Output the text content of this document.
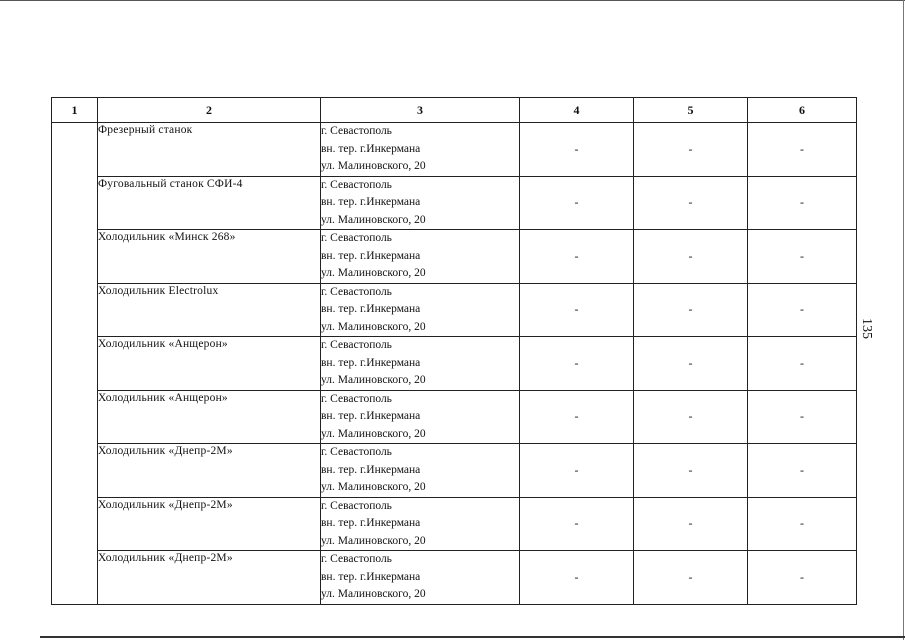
1	2	3	4	5	6
	Фрезерный станок	г. Севастополь
вн. тер. г.Инкермана
ул. Малиновского, 20	-	-	-
	Фуговальный станок СФИ-4	г. Севастополь
вн. тер. г.Инкермана
ул. Малиновского, 20	-	-	-
	Холодильник «Минск 268»	г. Севастополь
вн. тер. г.Инкермана
ул. Малиновского, 20	-	-	-
	Холодильник Electrolux	г. Севастополь
вн. тер. г.Инкермана
ул. Малиновского, 20	-	-	-
	Холодильник «Анщерон»	г. Севастополь
вн. тер. г.Инкермана
ул. Малиновского, 20	-	-	-
	Холодильник «Анщерон»	г. Севастополь
вн. тер. г.Инкермана
ул. Малиновского, 20	-	-	-
	Холодильник «Днепр-2М»	г. Севастополь
вн. тер. г.Инкермана
ул. Малиновского, 20	-	-	-
	Холодильник «Днепр-2М»	г. Севастополь
вн. тер. г.Инкермана
ул. Малиновского, 20	-	-	-
	Холодильник «Днепр-2М»	г. Севастополь
вн. тер. г.Инкермана
ул. Малиновского, 20	-	-	-
135
